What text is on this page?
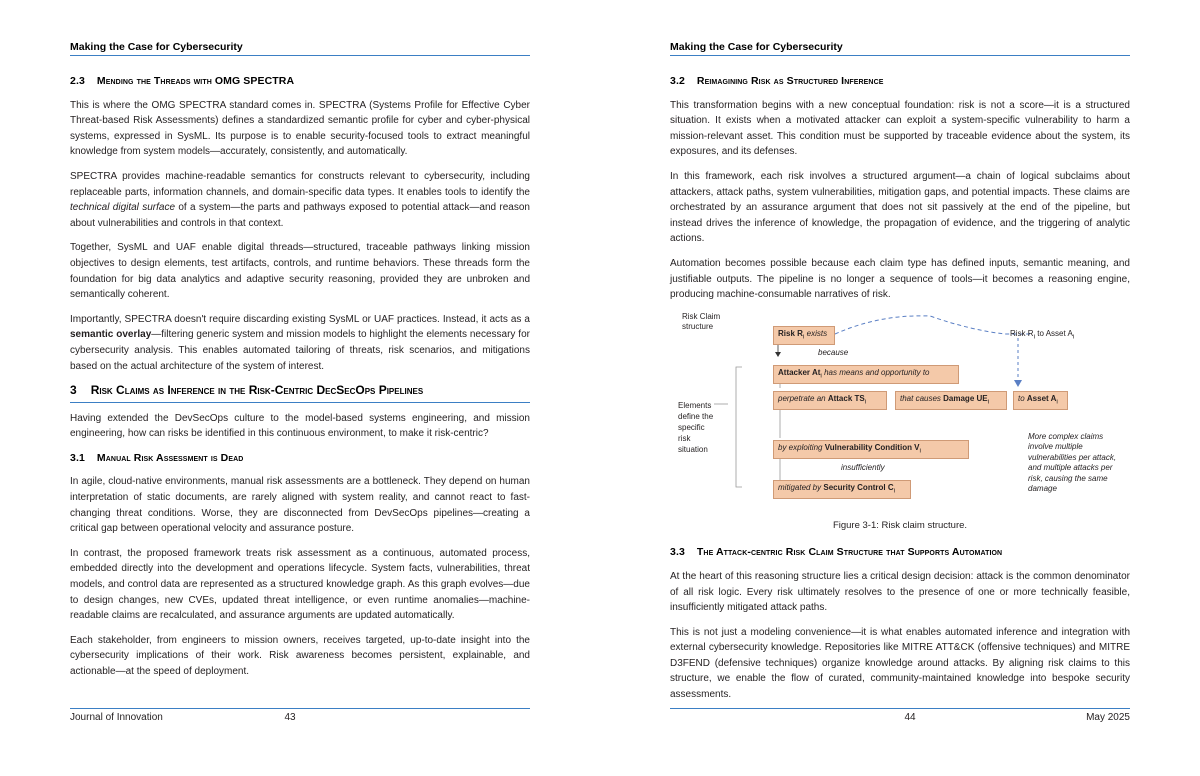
Making the Case for Cybersecurity
2.3 Mending the Threads with OMG SPECTRA

This is where the OMG SPECTRA standard comes in. SPECTRA (Systems Profile for Effective Cyber Threat-based Risk Assessments) defines a standardized semantic profile for cyber and cyber-physical systems, expressed in SysML. Its purpose is to enable security-focused tools to extract meaningful knowledge from system models—accurately, consistently, and automatically.

SPECTRA provides machine-readable semantics for constructs relevant to cybersecurity, including replaceable parts, information channels, and domain-specific data types. It enables tools to identify the technical digital surface of a system—the parts and pathways exposed to potential attack—and reason about vulnerabilities and controls in that context.

Together, SysML and UAF enable digital threads—structured, traceable pathways linking mission objectives to design elements, test artifacts, controls, and runtime behaviors. These threads form the foundation for big data analytics and adaptive security reasoning, provided they are unbroken and semantically coherent.

Importantly, SPECTRA doesn't require discarding existing SysML or UAF practices. Instead, it acts as a semantic overlay—filtering generic system and mission models to highlight the elements necessary for cybersecurity analysis. This enables automated tailoring of threats, risk scenarios, and mitigations based on the actual architecture of the system of interest.

3 Risk Claims as Inference in the Risk-Centric DecSecOps Pipelines

Having extended the DevSecOps culture to the model-based systems engineering, and mission engineering, how can risks be identified in this continuous environment, to make it risk-centric?

3.1 Manual Risk Assessment is Dead

In agile, cloud-native environments, manual risk assessments are a bottleneck. They depend on human interpretation of static documents, are rarely aligned with system reality, and cannot react to fast-changing threat conditions. Worse, they are disconnected from DevSecOps pipelines—creating a critical gap between operational velocity and assurance posture.

In contrast, the proposed framework treats risk assessment as a continuous, automated process, embedded directly into the development and operations lifecycle. System facts, vulnerabilities, threat models, and control data are represented as a structured knowledge graph. As this graph evolves—due to design changes, new CVEs, updated threat intelligence, or even runtime anomalies—machine-readable claims are recalculated, and assurance arguments are updated automatically.

Each stakeholder, from engineers to mission owners, receives targeted, up-to-date insight into the cybersecurity implications of their work. Risk awareness becomes persistent, explainable, and actionable—at the speed of deployment.

Journal of Innovation	43
Making the Case for Cybersecurity
3.2 Reimagining Risk as Structured Inference

This transformation begins with a new conceptual foundation: risk is not a score—it is a structured situation. It exists when a motivated attacker can exploit a system-specific vulnerability to harm a mission-relevant asset. This condition must be supported by traceable evidence about the system, its exposures, and its defenses.

In this framework, each risk involves a structured argument—a chain of logical subclaims about attackers, attack paths, system vulnerabilities, mitigation gaps, and potential impacts. These claims are orchestrated by an assurance argument that does not sit passively at the end of the pipeline, but instead drives the inference of knowledge, the propagation of evidence, and the triggering of analytic actions.

Automation becomes possible because each claim type has defined inputs, semantic meaning, and justifiable outputs. The pipeline is no longer a sequence of tools—it becomes a reasoning engine, producing machine-consumable narratives of risk.

Risk Claim
structure
Elements
define the
specific
risk
situation
Risk $R_i$ exists
because
Attacker $At_i$ has means and opportunity to
perpetrate an Attack $TS_i$	that causes Damage $UE_i$	to Asset $A_i$
Risk $R_i$ to Asset $A_i$
by exploiting Vulnerability Condition $V_i$
insufficiently
mitigated by Security Control $C_i$
More complex claims
involve multiple
vulnerabilities per attack,
and multiple attacks per
risk, causing the same
damage
Figure 3-1: Risk claim structure.
3.3 The Attack-centric Risk Claim Structure that Supports Automation

At the heart of this reasoning structure lies a critical design decision: attack is the common denominator of all risk logic. Every risk ultimately resolves to the presence of one or more technically feasible, insufficiently mitigated attack paths.

This is not just a modeling convenience—it is what enables automated inference and integration with external cybersecurity knowledge. Repositories like MITRE ATT&CK (offensive techniques) and MITRE D3FEND (defensive techniques) organize knowledge around attacks. By aligning risk claims to this structure, we enable the flow of curated, community-maintained knowledge into bespoke security assessments.

44	May 2025
